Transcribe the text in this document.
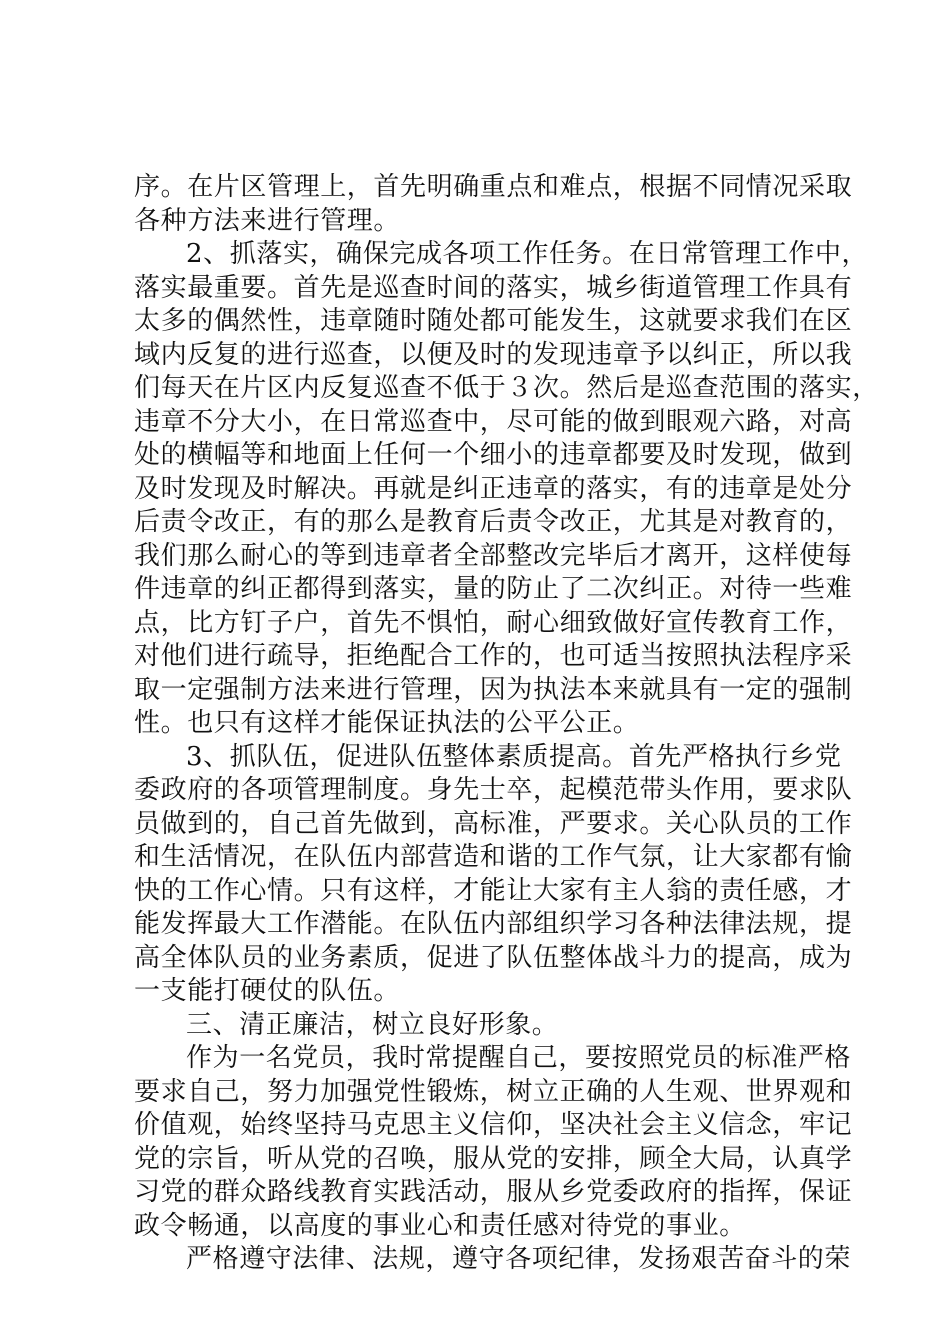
序。在片区管理上，首先明确重点和难点，根据不同情况采取
各种方法来进行管理。
2、抓落实，确保完成各项工作任务。在日常管理工作中，
落实最重要。首先是巡查时间的落实，城乡街道管理工作具有
太多的偶然性，违章随时随处都可能发生，这就要求我们在区
域内反复的进行巡查，以便及时的发现违章予以纠正，所以我
们每天在片区内反复巡查不低于３次。然后是巡查范围的落实，
违章不分大小，在日常巡查中，尽可能的做到眼观六路，对高
处的横幅等和地面上任何一个细小的违章都要及时发现，做到
及时发现及时解决。再就是纠正违章的落实，有的违章是处分
后责令改正，有的那么是教育后责令改正，尤其是对教育的，
我们那么耐心的等到违章者全部整改完毕后才离开，这样使每
件违章的纠正都得到落实，量的防止了二次纠正。对待一些难
点，比方钉子户，首先不惧怕，耐心细致做好宣传教育工作，
对他们进行疏导，拒绝配合工作的，也可适当按照执法程序采
取一定强制方法来进行管理，因为执法本来就具有一定的强制
性。也只有这样才能保证执法的公平公正。
3、抓队伍，促进队伍整体素质提高。首先严格执行乡党
委政府的各项管理制度。身先士卒，起模范带头作用，要求队
员做到的，自己首先做到，高标准，严要求。关心队员的工作
和生活情况，在队伍内部营造和谐的工作气氛，让大家都有愉
快的工作心情。只有这样，才能让大家有主人翁的责任感，才
能发挥最大工作潜能。在队伍内部组织学习各种法律法规，提
高全体队员的业务素质，促进了队伍整体战斗力的提高，成为
一支能打硬仗的队伍。
三、清正廉洁，树立良好形象。
作为一名党员，我时常提醒自己，要按照党员的标准严格
要求自己，努力加强党性锻炼，树立正确的人生观、世界观和
价值观，始终坚持马克思主义信仰，坚决社会主义信念，牢记
党的宗旨，听从党的召唤，服从党的安排，顾全大局，认真学
习党的群众路线教育实践活动，服从乡党委政府的指挥，保证
政令畅通，以高度的事业心和责任感对待党的事业。
严格遵守法律、法规，遵守各项纪律，发扬艰苦奋斗的荣
